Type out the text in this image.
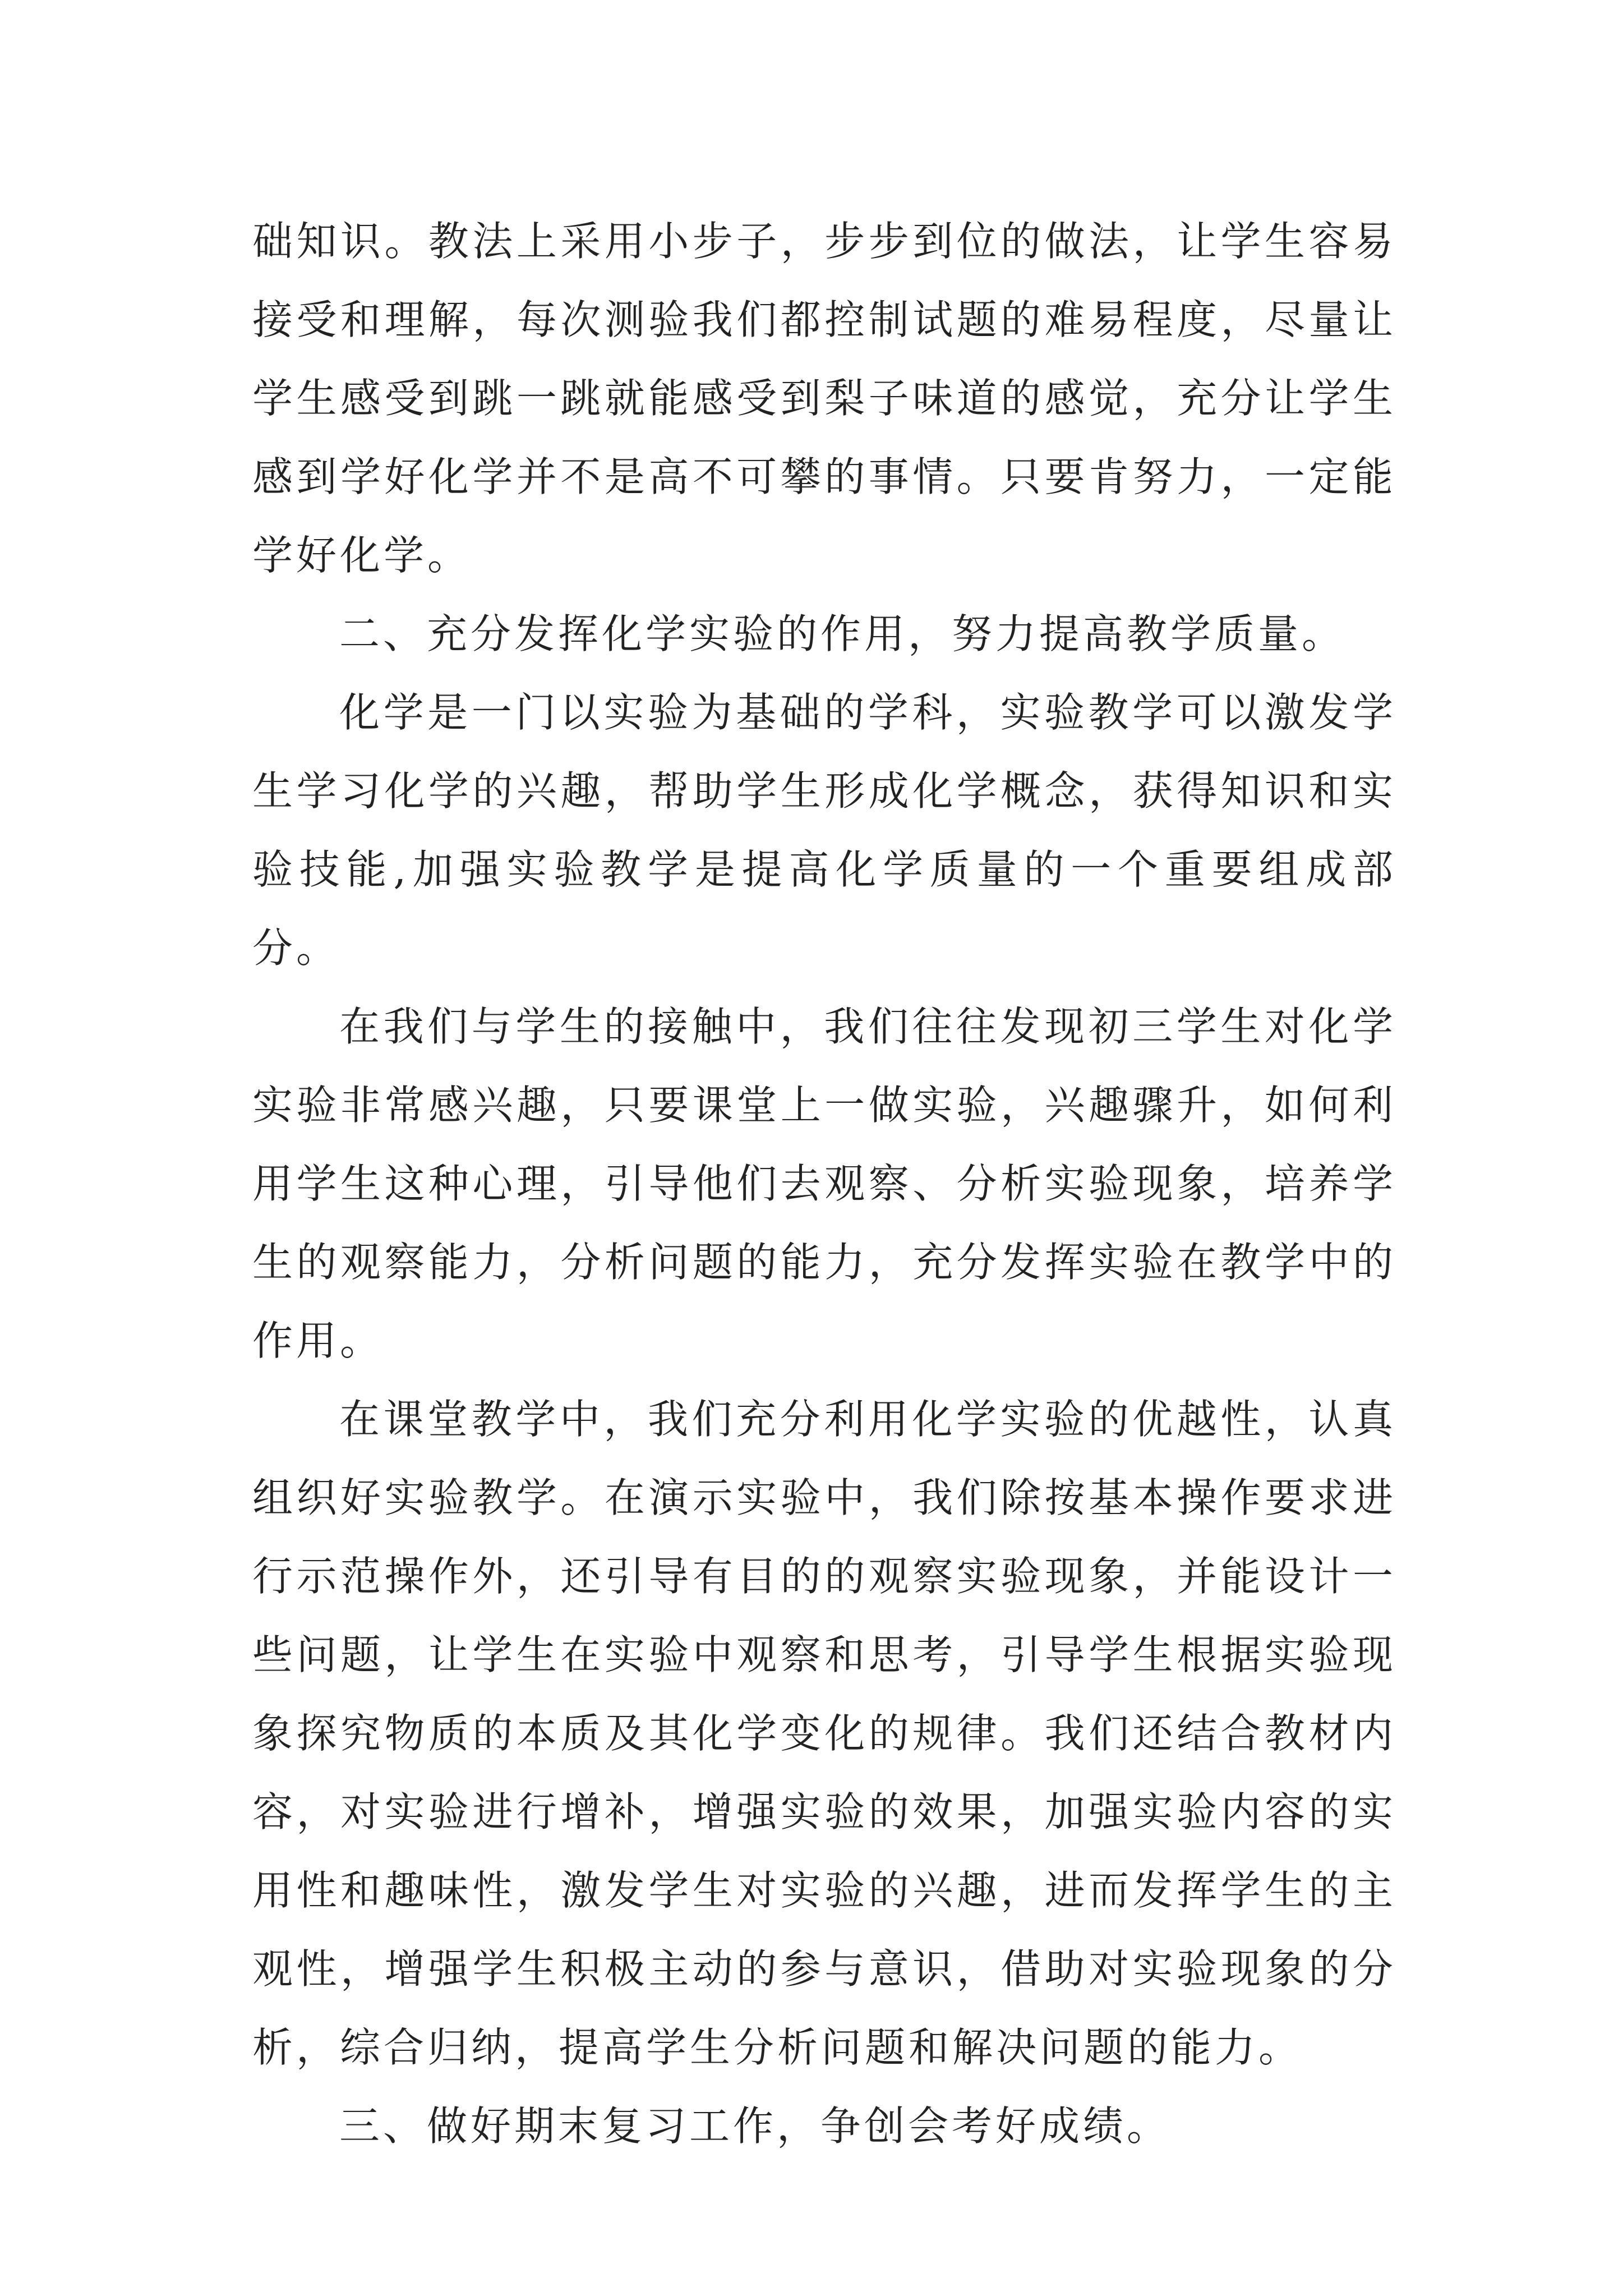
础知识。教法上采用小步子，步步到位的做法，让学生容易接受和理解，每次测验我们都控制试题的难易程度，尽量让学生感受到跳一跳就能感受到梨子味道的感觉，充分让学生感到学好化学并不是高不可攀的事情。只要肯努力，一定能学好化学。

二、充分发挥化学实验的作用，努力提高教学质量。

化学是一门以实验为基础的学科，实验教学可以激发学生学习化学的兴趣，帮助学生形成化学概念，获得知识和实验技能,加强实验教学是提高化学质量的一个重要组成部分。

在我们与学生的接触中，我们往往发现初三学生对化学实验非常感兴趣，只要课堂上一做实验，兴趣骤升，如何利用学生这种心理，引导他们去观察、分析实验现象，培养学生的观察能力，分析问题的能力，充分发挥实验在教学中的作用。

在课堂教学中，我们充分利用化学实验的优越性，认真组织好实验教学。在演示实验中，我们除按基本操作要求进行示范操作外，还引导有目的的观察实验现象，并能设计一些问题，让学生在实验中观察和思考，引导学生根据实验现象探究物质的本质及其化学变化的规律。我们还结合教材内容，对实验进行增补，增强实验的效果，加强实验内容的实用性和趣味性，激发学生对实验的兴趣，进而发挥学生的主观性，增强学生积极主动的参与意识，借助对实验现象的分析，综合归纳，提高学生分析问题和解决问题的能力。

三、做好期末复习工作，争创会考好成绩。
